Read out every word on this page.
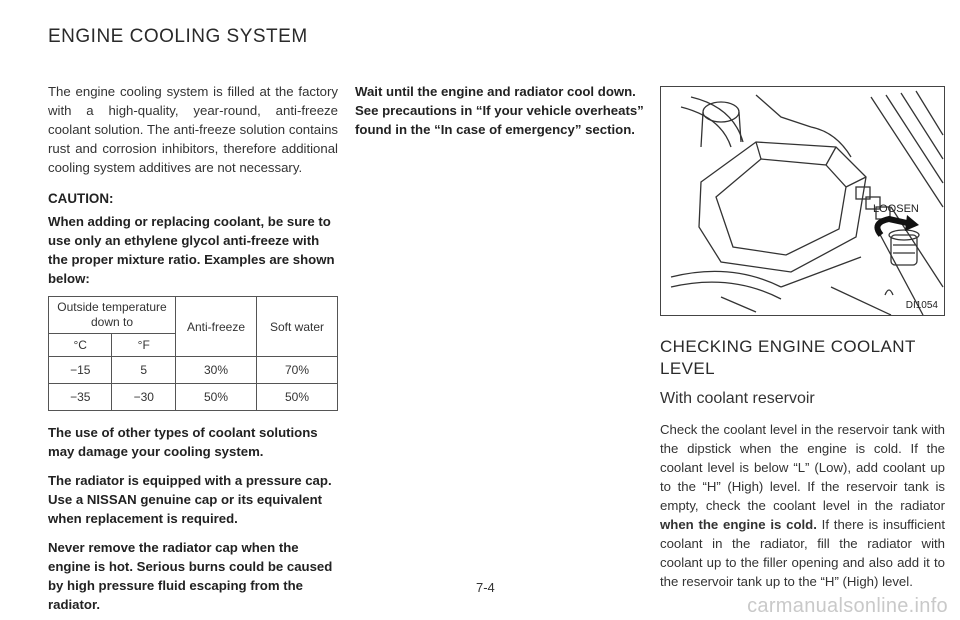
ENGINE COOLING SYSTEM

The engine cooling system is filled at the factory with a high-quality, year-round, anti-freeze coolant solution. The anti-freeze solution contains rust and corrosion inhibitors, therefore additional cooling system additives are not necessary.

CAUTION:

When adding or replacing coolant, be sure to use only an ethylene glycol anti-freeze with the proper mixture ratio. Examples are shown below:

Outside temperature down to		Anti-freeze	Soft water
°C	°F		
−15	5	30%	70%
−35	−30	50%	50%

The use of other types of coolant solutions may damage your cooling system.

The radiator is equipped with a pressure cap. Use a NISSAN genuine cap or its equivalent when replacement is required.

Never remove the radiator cap when the engine is hot. Serious burns could be caused by high pressure fluid escaping from the radiator.

Wait until the engine and radiator cool down. See precautions in “If your vehicle overheats” found in the “In case of emergency” section.

LOOSEN
DI1054
CHECKING ENGINE COOLANT LEVEL
With coolant reservoir

Check the coolant level in the reservoir tank with the dipstick when the engine is cold. If the coolant level is below “L” (Low), add coolant up to the “H” (High) level. If the reservoir tank is empty, check the coolant level in the radiator when the engine is cold. If there is insufficient coolant in the radiator, fill the radiator with coolant up to the filler opening and also add it to the reservoir tank up to the “H” (High) level.

7-4
carmanualsonline.info
